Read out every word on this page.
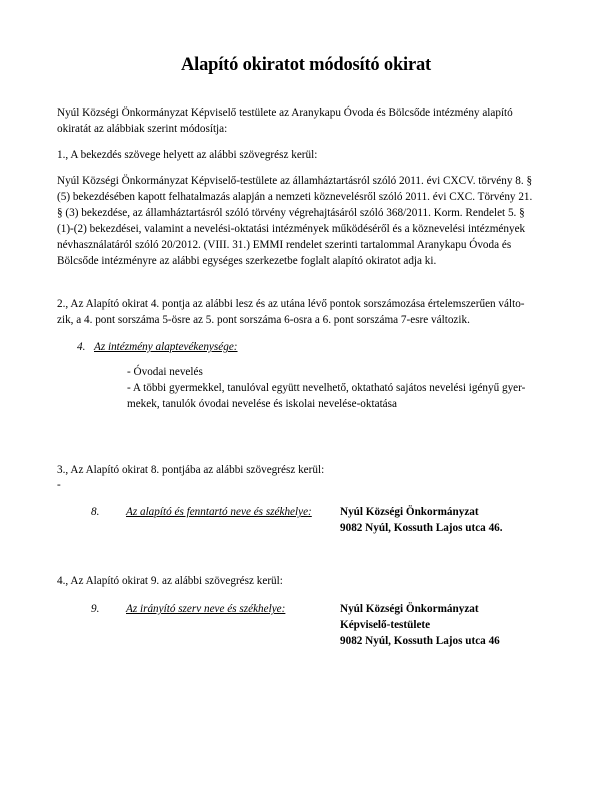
Alapító okiratot módosító okirat
Nyúl Községi Önkormányzat Képviselő testülete az Aranykapu Óvoda és Bölcsőde intézmény alapító
okiratát az alábbiak szerint módosítja:
1., A bekezdés szövege helyett az alábbi szövegrész kerül:
Nyúl Községi Önkormányzat Képviselő-testülete az államháztartásról szóló 2011. évi CXCV. törvény 8. §
(5) bekezdésében kapott felhatalmazás alapján a nemzeti köznevelésről szóló 2011. évi CXC. Törvény 21.
§ (3) bekezdése, az államháztartásról szóló törvény végrehajtásáról szóló 368/2011. Korm. Rendelet 5. §
(1)-(2) bekezdései, valamint a nevelési-oktatási intézmények működéséről és a köznevelési intézmények
névhasználatáról szóló 20/2012. (VIII. 31.) EMMI rendelet szerinti tartalommal Aranykapu Óvoda és
Bölcsőde intézményre az alábbi egységes szerkezetbe foglalt alapító okiratot adja ki.
2., Az Alapító okirat 4. pontja az alábbi lesz és az utána lévő pontok sorszámozása értelemszerűen válto-
zik, a 4. pont sorszáma 5-ösre az 5. pont sorszáma 6-osra a 6. pont sorszáma 7-esre változik.
4. Az intézmény alaptevékenysége:
- Óvodai nevelés
- A többi gyermekkel, tanulóval együtt nevelhető, oktatható sajátos nevelési igényű gyer-
mekek, tanulók óvodai nevelése és iskolai nevelése-oktatása
3., Az Alapító okirat 8. pontjába az alábbi szövegrész kerül:
-
8. Az alapító és fenntartó neve és székhelye:	Nyúl Községi Önkormányzat
9082 Nyúl, Kossuth Lajos utca 46.
4., Az Alapító okirat 9. az alábbi szövegrész kerül:
9. Az irányító szerv neve és székhelye:	Nyúl Községi Önkormányzat
Képviselő-testülete
9082 Nyúl, Kossuth Lajos utca 46
